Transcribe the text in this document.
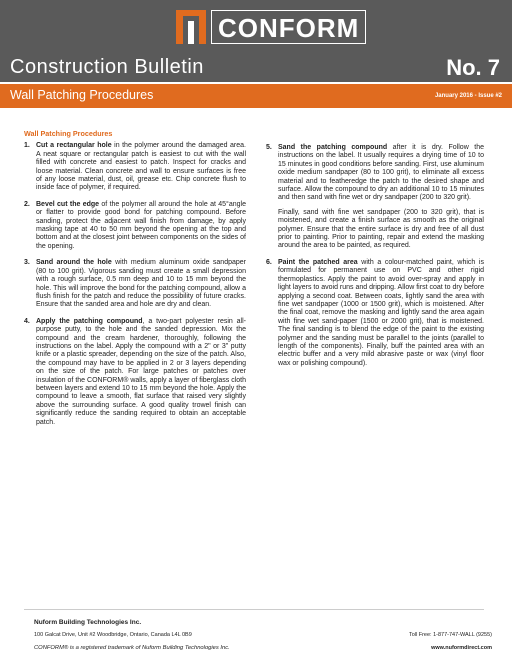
CONFORM
Construction Bulletin	No. 7
Wall Patching Procedures	January 2016 - Issue #2
Wall Patching Procedures
1. Cut a rectangular hole in the polymer around the damaged area. A neat square or rectangular patch is easiest to cut with the wall filled with concrete and easiest to patch. Inspect for cracks and loose material. Clean concrete and wall to ensure surfaces is free of any loose material, dust, oil, grease etc. Chip concrete flush to inside face of polymer, if required.
2. Bevel cut the edge of the polymer all around the hole at 45°angle or flatter to provide good bond for patching compound. Before sanding, protect the adjacent wall finish from damage, by apply masking tape at 40 to 50 mm beyond the opening at the top and bottom and at the closest joint between components on the sides of the opening.
3. Sand around the hole with medium aluminum oxide sandpaper (80 to 100 grit). Vigorous sanding must create a small depression with a rough surface, 0.5 mm deep and 10 to 15 mm beyond the hole. This will improve the bond for the patching compound, allow a flush finish for the patch and reduce the possibility of future cracks. Ensure that the sanded area and hole are dry and clean.
4. Apply the patching compound, a two-part polyester resin all-purpose putty, to the hole and the sanded depression. Mix the compound and the cream hardener, thoroughly, following the instructions on the label. Apply the compound with a 2" or 3" putty knife or a plastic spreader, depending on the size of the patch. Also, the compound may have to be applied in 2 or 3 layers depending on the size of the patch. For large patches or patches over insulation of the CONFORM® walls, apply a layer of fiberglass cloth between layers and extend 10 to 15 mm beyond the hole. Apply the compound to leave a smooth, flat surface that raised very slightly above the surrounding surface. A good quality trowel finish can significantly reduce the sanding required to obtain an acceptable patch.
5. Sand the patching compound after it is dry. Follow the instructions on the label. It usually requires a drying time of 10 to 15 minutes in good conditions before sanding. First, use aluminum oxide medium sandpaper (80 to 100 grit), to eliminate all excess material and to featheredge the patch to the desired shape and surface. Allow the compound to dry an additional 10 to 15 minutes and then sand with fine wet or dry sandpaper (200 to 320 grit).
Finally, sand with fine wet sandpaper (200 to 320 grit), that is moistened, and create a finish surface as smooth as the original polymer. Ensure that the entire surface is dry and free of all dust prior to painting. Prior to painting, repair and extend the masking around the area to be painted, as required.
6. Paint the patched area with a colour-matched paint, which is formulated for permanent use on PVC and other rigid thermoplastics. Apply the paint to avoid over-spray and apply in light layers to avoid runs and dripping. Allow first coat to dry before applying a second coat. Between coats, lightly sand the area with fine wet sandpaper (1000 or 1500 grit), which is moistened. After the final coat, remove the masking and lightly sand the area again with fine wet sand-paper (1500 or 2000 grit), that is moistened. The final sanding is to blend the edge of the paint to the existing polymer and the sanding must be parallel to the joints (parallel to length of the components). Finally, buff the painted area with an electric buffer and a very mild abrasive paste or wax (vinyl floor wax or polishing compound).
Nuform Building Technologies Inc.
100 Galcat Drive, Unit #2 Woodbridge, Ontario, Canada L4L 0B9
CONFORM® is a registered trademark of Nuform Building Technologies Inc.
Toll Free: 1-877-747-WALL (9255)
www.nuformdirect.com
